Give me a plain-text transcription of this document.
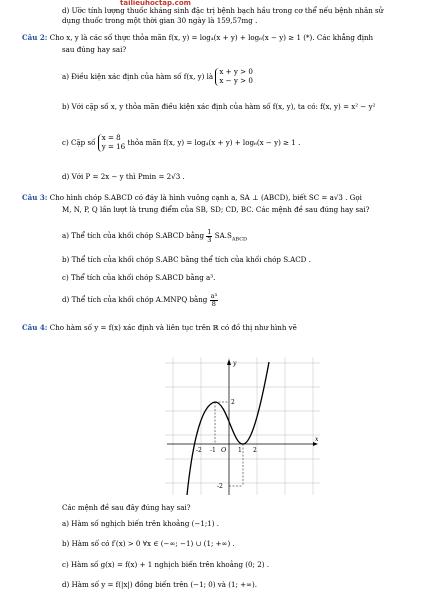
tailieuhoctap.com
d) Ước tính lượng thuốc kháng sinh đặc trị bệnh bạch hầu trong cơ thể nếu bệnh nhân sử
dụng thuốc trong một thời gian 30 ngày là 159,57mg .
Câu 2: Cho x, y là các số thực thỏa mãn f(x, y) = log₄(x + y) + log₆(x − y) ≥ 1 (*). Các khẳng định
sau đúng hay sai?
a) Điều kiện xác định của hàm số f(x, y) là
x + y > 0
x − y > 0
b) Với cặp số x, y thỏa mãn điều kiện xác định của hàm số f(x, y), ta có: f(x, y) = x² − y²
c) Cặp số
x = 8
y = 16 thỏa mãn f(x, y) = log₄(x + y) + log₆(x − y) ≥ 1 .
d) Với P = 2x − y thì Pmin = 2√3 .
Câu 3: Cho hình chóp S.ABCD có đáy là hình vuông cạnh a, SA ⊥ (ABCD), biết SC = a√3 . Gọi
M, N, P, Q lần lượt là trung điểm của SB, SD; CD, BC. Các mệnh đề sau đúng hay sai?
a) Thể tích của khối chóp S.ABCD bằng $\frac{1}{3} SA.S_{ABCD}$
b) Thể tích của khối chóp S.ABC bằng thể tích của khối chóp S.ACD .
c) Thể tích của khối chóp S.ABCD bằng a³.
d) Thể tích của khối chóp A.MNPQ bằng $\frac{\text{a³}}{8}$
Câu 4: Cho hàm số y = f(x) xác định và liên tục trên ℝ có đồ thị như hình vẽ
x
y
O
-2 -1	1 2
2
-2
Các mệnh đề sau đây đúng hay sai?
a) Hàm số nghịch biến trên khoảng (−1;1) .
b) Hàm số có f′(x) > 0 ∀x ∈ (−∞; −1) ∪ (1; +∞) .
c) Hàm số g(x) = f(x) + 1 nghịch biến trên khoảng (0; 2) .
d) Hàm số y = f(|x|) đồng biến trên (−1; 0) và (1; +∞).
